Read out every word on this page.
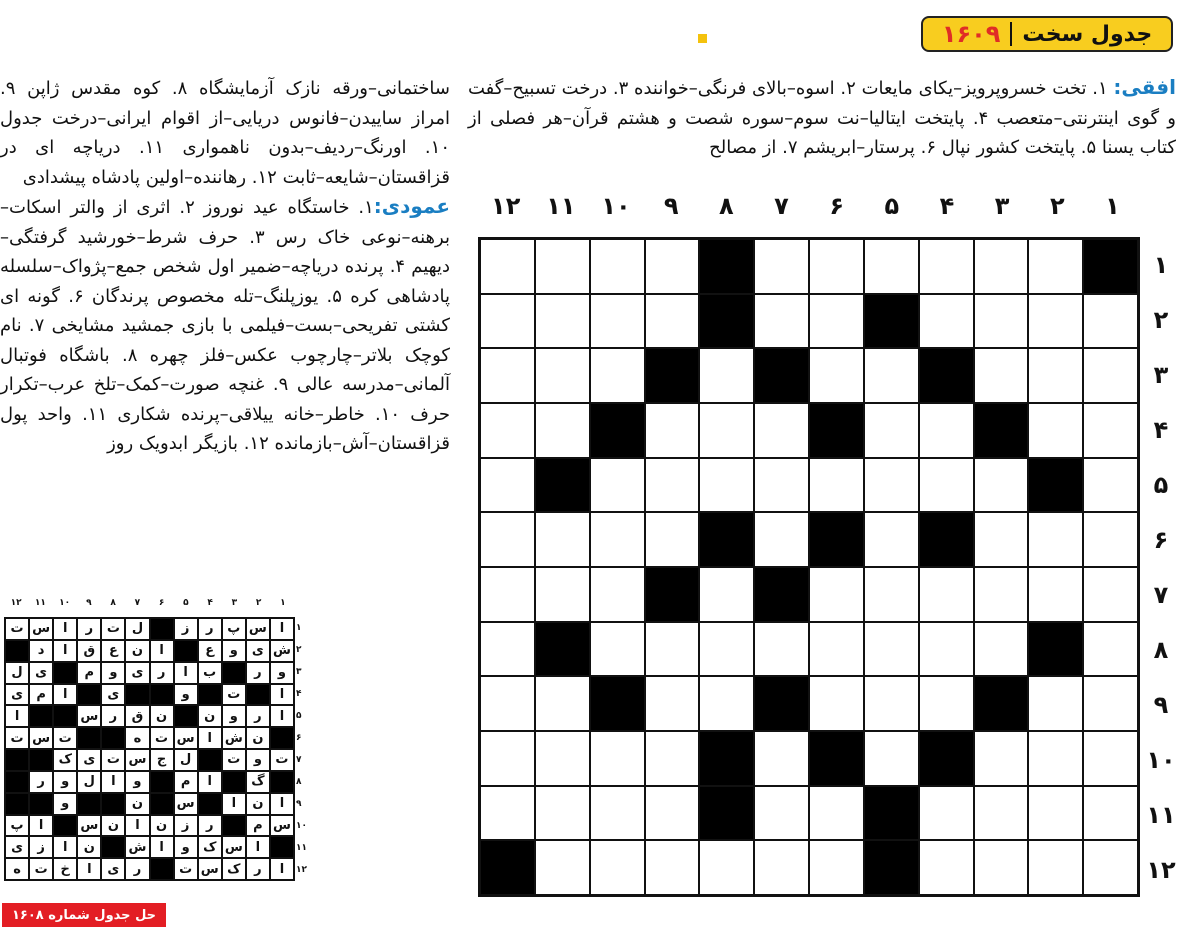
جدول سخت
۱۶۰۹

افقی: ۱. تخت خسروپرویز–یکای مایعات ۲. اسوه–بالای فرنگی–خواننده ۳. درخت تسبیح–گفت و گوی اینترنتی–متعصب ۴. پایتخت ایتالیا–نت سوم–سوره شصت و هشتم قرآن–هر فصلی از کتاب یسنا ۵. پایتخت کشور نپال ۶. پرستار–ابریشم ۷. از مصالح

ساختمانی–ورقه نازک آزمایشگاه ۸. کوه مقدس ژاپن ۹. امراز ساییدن–فانوس دریایی–از اقوام ایرانی–درخت جدول ۱۰. اورنگ–ردیف–بدون ناهمواری ۱۱. دریاچه ای در قزاقستان–شایعه–ثابت ۱۲. رهاننده–اولین پادشاه پیشدادی
عمودی:۱. خاستگاه عید نوروز ۲. اثری از والتر اسکات–برهنه–نوعی خاک رس ۳. حرف شرط–خورشید گرفتگی–دیهیم ۴. پرنده دریاچه–ضمیر اول شخص جمع–پژواک–سلسله پادشاهی کره ۵. یوزپلنگ–تله مخصوص پرندگان ۶. گونه ای کشتی تفریحی–بست–فیلمی با بازی جمشید مشایخی ۷. نام کوچک بلاتر–چارچوب عکس–فلز چهره ۸. باشگاه فوتبال آلمانی–مدرسه عالی ۹. غنچه صورت–کمک–تلخ عرب–تکرار حرف ۱۰. خاطر–خانه ییلاقی–پرنده شکاری ۱۱. واحد پول قزاقستان–آش–بازمانده ۱۲. بازیگر ابدویک روز

۱
۲
۳
۴
۵
۶
۷
۸
۹
۱۰
۱۱
۱۲
۱
۲
۳
۴
۵
۶
۷
۸
۹
۱۰
۱۱
۱۲
۱
۲
۳
۴
۵
۶
۷
۸
۹
۱۰
۱۱
۱۲
۱
۲
۳
۴
۵
۶
۷
۸
۹
۱۰
۱۱
۱۲
ا
س
پ
ر
ز
ل
ت
ر
ا
س
ت
ش
ی
و
ع
ا
ن
ع
ق
ا
د
و
ر
ب
ا
ر
ی
و
م
ی
ل
ا
ت
و
ی
ا
م
ی
ا
ر
و
ن
ن
ق
ر
س
ا
ن
ش
ا
س
ت
ه
ت
س
ت
ت
و
ت
ل
ج
س
ت
ی
ک
گ
ا
م
و
ا
ل
و
ر
ا
ن
ا
س
ن
و
س
م
ر
ز
ن
ا
ن
س
ا
پ
ا
س
ک
و
ا
ش
ن
ا
ز
ی
ا
ر
ک
س
ت
ر
ی
ا
خ
ت
ه
حل جدول شماره ۱۶۰۸
